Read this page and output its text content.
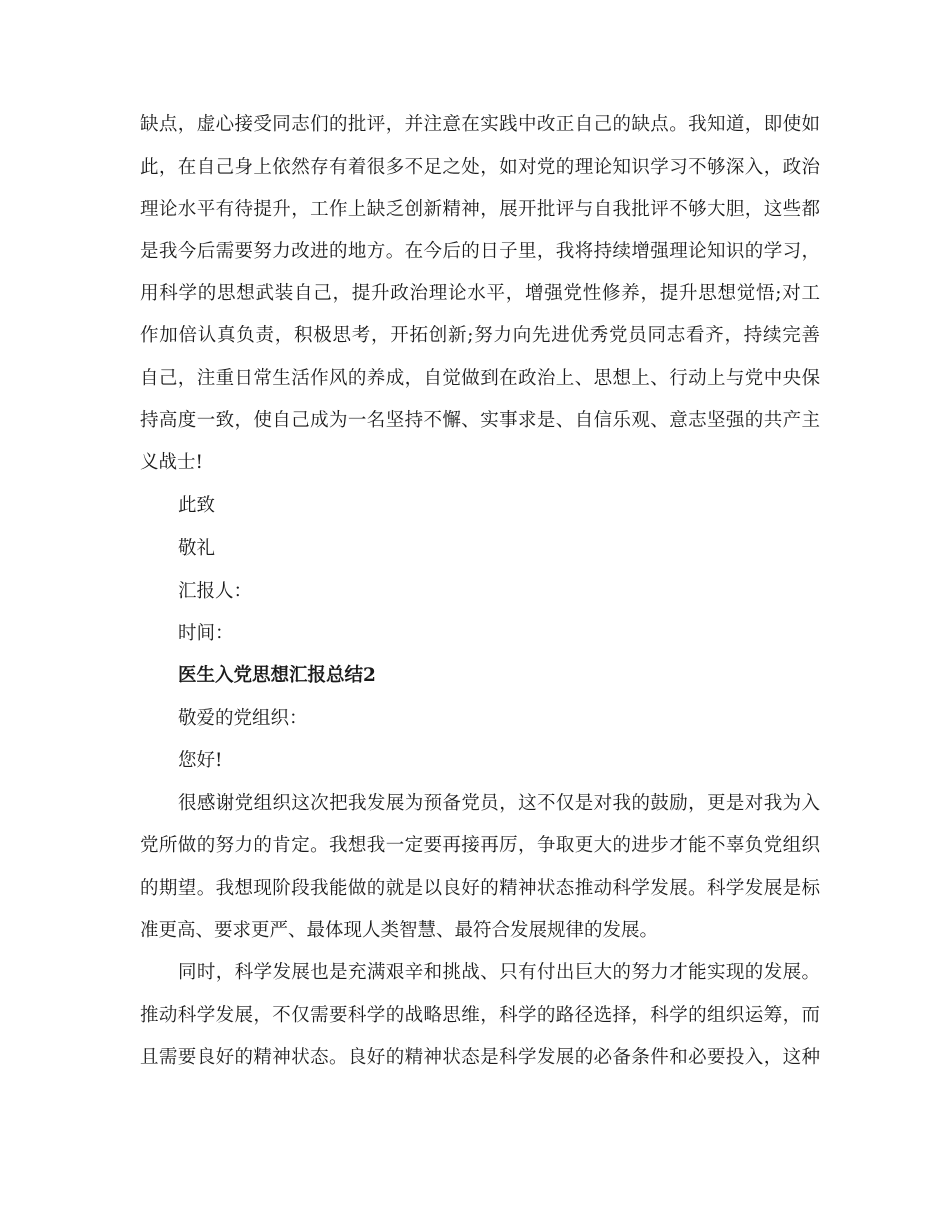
缺点，虚心接受同志们的批评，并注意在实践中改正自己的缺点。我知道，即使如
此，在自己身上依然存有着很多不足之处，如对党的理论知识学习不够深入，政治
理论水平有待提升，工作上缺乏创新精神，展开批评与自我批评不够大胆，这些都
是我今后需要努力改进的地方。在今后的日子里，我将持续增强理论知识的学习，
用科学的思想武装自己，提升政治理论水平，增强党性修养，提升思想觉悟;对工
作加倍认真负责，积极思考，开拓创新;努力向先进优秀党员同志看齐，持续完善
自己，注重日常生活作风的养成，自觉做到在政治上、思想上、行动上与党中央保
持高度一致，使自己成为一名坚持不懈、实事求是、自信乐观、意志坚强的共产主
义战士!
此致
敬礼
汇报人：
时间：
医生入党思想汇报总结2
敬爱的党组织：
您好!
很感谢党组织这次把我发展为预备党员，这不仅是对我的鼓励，更是对我为入
党所做的努力的肯定。我想我一定要再接再厉，争取更大的进步才能不辜负党组织
的期望。我想现阶段我能做的就是以良好的精神状态推动科学发展。科学发展是标
准更高、要求更严、最体现人类智慧、最符合发展规律的发展。
同时，科学发展也是充满艰辛和挑战、只有付出巨大的努力才能实现的发展。
推动科学发展，不仅需要科学的战略思维，科学的路径选择，科学的组织运筹，而
且需要良好的精神状态。良好的精神状态是科学发展的必备条件和必要投入，这种
